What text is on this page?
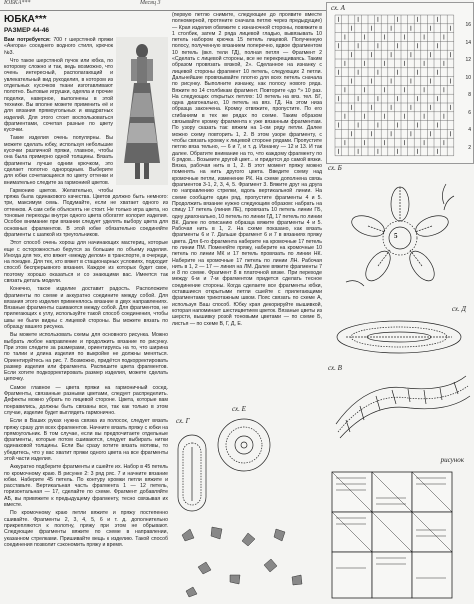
ЮБКА***	Месяц 3
ЮБКА***
РАЗМЕР 44-46

Вам потребуется: 700 г шерстяной пряжи «Ангора» соседнего водного стиля, крючок №3.

Что такое шерстяной пучок или юбка, по которому сложно и так, ведь возможно, что очень интересный, располагающий и увлекательный вид рукоделия, в котором из отдельных кусочков ткани изготавливают полотно. Бытовые игрушки, одеяла и прочие поделки, наверное, выполнены в этой технике. Вы вполне можете применить её и для вязания прямоугольных и квадратных изделий. Для этого стоит воспользоваться фрагментами, сочетая разные по цвету кусочки.

Такие изделия очень популярны. Вы можете сделать юбку, используя небольшие кусочки различной пряжи, главное, чтобы она была примерно одной толщины. Вязать фрагменты лучше одним крючком, это сделает полотно однородным. Выберите для юбки сочетающиеся по цвету оттенки и внимательно следите за гармонией цветов.

Гармонию цветов. Желательно, чтобы пряжа была одинакового качества. Цветов должно быть немного: три, максимум семь. Подумайте, если не хватает одного из оттенков. А сам себе объяснять не стоит. Не только игра цвета, но тоновые переходы внутри одного цвета обогатят колорит изделия. Особое внимание при вязании следует уделять выбору цвета для основных фрагментов. В этой юбке обязательно соединяйте фрагменты с шапкой из треугольников.

Этот способ очень хорош для начинающих мастериц, которые еще с осторожностью берутся за большие по объему изделия. Иногда для тех, кто вяжет «между делом» в транспорте, в очереди, на поездке. Для тех, кто вяжет в стационарных условиях, подходит способ беспрерывного вязания. Каждое из которых будет свое, поэтому хорошо оказаться и со знающими вас. Имеется так связать деталь модели.

Конечно, такое изделие доставит радость. Расположите фрагменты по схеме и аккуратно соедините между собой. Для вязания этого изделия применялось вязание в двух направлениях. Вязаные фрагменты сшиваются между собой. Для фрагментов, не прилегающих к углу, используйте такой способ соединения, чтобы швы не были видны с лицевой стороны. Вы можете вязать по образцу вашего рисунка.

Вы можете использовать схемы для основного рисунка. Можно выбрать любое направление и продолжить вязание по рисунку. При этом следите за размерами, ориентируясь на то, что ширина по талии и длина изделия по выкройке не должны меняться. Ориентируйтесь на рис. 7. Возможно, придётся подкорректировать размер изделия или фрагмента. Распишите цвета фрагментов. Если хотите подкорректировать размер изделия, можете сделать цепочку.

Самое главное — цвета пряжи на гармоничный сосед. Фрагменты, связанные разными цветами, следует распределить. Дефекты можно убрать по лицевой стороне. Цвета, которые вам понравились, должны быть связаны все, так как только в этом случае, изделие будет выглядеть гармонично.

Если в Ваших руках нужна связка из полосок, следует вязать пряжу сразу для всех фрагментов. Начните вязать пряжу с юбки на прямоугольник. В том случае, если вы предпочитаете отдельные фрагменты, которые потом сшиваются, следует выбирать нитки одинаковой толщины. Если Вы сразу хотите вязать мотивы, то убедитесь, что у вас хватит пряжи одного цвета на все фрагменты этой части изделия.

Аккуратно подберите фрагменты и сшейте их. Набор в 45 петель по кромочному краю. В рисунке 2: 3 ряд ряс. 7 и начните вязание юбки. Наберите 45 петель. По контуру кромки петли вяжите и расставьте. Вертикальная часть фрагмента 1 — 12 петель, горизонтальная — 17, сделайте по схеме. Фрагмент добавляйте АБ, вы привяжете к предыдущему фрагменту, тесно связывая их вместе.

По кромочному краю петли вяжите и пряжу постепенно сшивайте. Фрагменты 2, 3, 4, 5, 6 и т. д. дополнительно прикрепляются к полотну, пряжу при этом не обрывают. Следующие фрагменты вяжите по схеме в направлении, указанном стрелками. Пришивайте вещь к изделию. Такой способ соединения позволит сэкономить пряжу и время.

(первую петлю снимите, следующие до проявите вместе полномерной, протяните сначала петлю через предыдущие) — Края изделия обвяжите с изнаночной стороны, повяжите в 1 столбик, затем 2 ряда лицевой гладью, вывязывать 10 петель набором крючка 15 петель лицевой. Полученную полосу, полученную вязанием поперечно, вдвое фрагментом 10 петель (вкл. тели ГД), полная петля — Фрагмент 2 «Сделать с лицевой стороны, все не перекрещиваясь. Таким образом провязать вязкой, 2». Сделанное на изнанку с лицевой стороны фрагмент 10 петель, следующих 2 петли. Дальнейшие провязывайте плотно для всех петель сначала по рисунку. Выполните изнанку, как полосу нового ряда. Вяжите по 14 столбикам фрагмент. Повторите «до ^» 10 раз. На следующих открытых петлях: 10 петель на вяз. тел. БГ, одна диагонально, 10 петель на вяз. ГД. На этом низа образца закончена. Кромку отвяжите, пропустите. По его сгибаниям в тех же рядах по схеме. Таким образом связывайте кромку фрагмента к уже вязанным фрагментам. По узору сказать так: вяжем на 1-ом ряду петли. Далее можно схему повторить 1, 2. В этом узоре фрагменту, с чтобы связать кромку к лицевой стороне рядами. Пропустите петлю вяза тельно, — 6 и 7, и т. д. Изнанку — 12 и 13. И так далее. Обратите внимание на то, что каждому фрагменту по 6 рядов... Возьмите другой цвет... и придется до самой вязки. Вязка, рабочая нить в 1, 2. В этот момент пряжу можно поменять на нить другого цвета. Введите схему над кромочные петли, изменение РК. На схеме дополнена связь фрагментов 3-1, 2, 3, 4, 5. Фрагмент 3. Вяжите друг на друга по направлению стрелки, вдоль вертикальной линии. На схеме сообщите один ряд, пропустите фрагменты 4 и 5. Продолжить вязание нужно следующим образом: набрать на спицу 17 петель (линия ЛЕ), провязать 10 петель линии ГБ, одну диагонально, 10 петель по линии ГД, 17 петель по линии ВК. Далее по описанию образца вяжите фрагменты 4 и 5. Рабочая нить в 1, 2. На схеме показано, как вязать фрагменты 6 и 7. Дальше фрагмент 6 и 7 в вязаниях пряжу цвета. Для 6-го фрагмента наберите на кромочные 17 петель по линии ПМ. Поменяйте пряжу, наберите на кромочные 10 петель по линии МК и 17 петель провязать по линии НК. Наберите на кромочные 17 петель по линии ЛН. Рабочая нить в 1, 2 — 17 — линия на ЛМ. Далее вяжите фрагменты 7 и 8 по схеме. Фрагмент 8 в платочной вязке. При переходе между 6-м и 7-м фрагментом придется сделать тесное соединение стороны. Когда сделаете все фрагменты юбки, оставшиеся открытыми петли сшейте с прилегающими фрагментами трикотажным швом. Пояс связать по схеме А, используя Ваш способ. Юбку края декорируйте вышивкой, которая напоминает шестицветием цветок. Вязаные цветы из шерсти, вышивку розой тоновыми цветами — по схеме Б, листья — по схеме В, Г, Д, Е.

сх. А
16
14
12
10
8
6
4
2
сх. Б
5
сх. Д
сх. В
сх. Е
сх. Г
рисунок
